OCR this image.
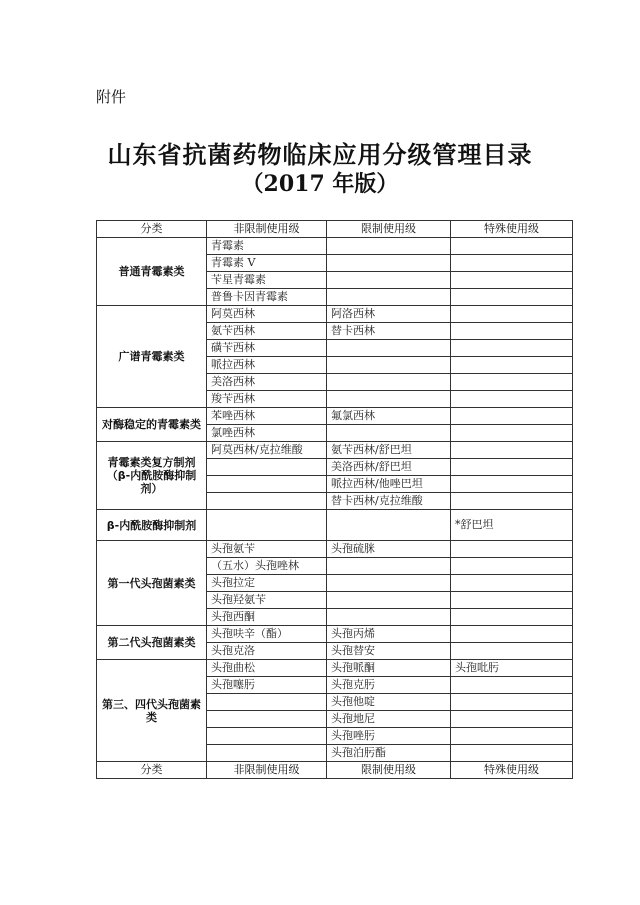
附件
山东省抗菌药物临床应用分级管理目录
（2017 年版）
分类	非限制使用级	限制使用级	特殊使用级
普通青霉素类	青霉素		
	青霉素 V		
	苄星青霉素		
	普鲁卡因青霉素		
广谱青霉素类	阿莫西林	阿洛西林	
	氨苄西林	替卡西林	
	磺苄西林		
	哌拉西林		
	美洛西林		
	羧苄西林		
对酶稳定的青霉素类	苯唑西林	氟氯西林	
	氯唑西林		
青霉素类复方制剂（β-内酰胺酶抑制剂）	阿莫西林/克拉维酸	氨苄西林/舒巴坦	
		美洛西林/舒巴坦	
		哌拉西林/他唑巴坦	
		替卡西林/克拉维酸	
β-内酰胺酶抑制剂			*舒巴坦
第一代头孢菌素类	头孢氨苄	头孢硫脒	
	（五水）头孢唑林		
	头孢拉定		
	头孢羟氨苄		
	头孢西酮		
第二代头孢菌素类	头孢呋辛（酯）	头孢丙烯	
	头孢克洛	头孢替安	
第三、四代头孢菌素类	头孢曲松	头孢哌酮	头孢吡肟
	头孢噻肟	头孢克肟	
		头孢他啶	
		头孢地尼	
		头孢唑肟	
		头孢泊肟酯	
分类	非限制使用级	限制使用级	特殊使用级
